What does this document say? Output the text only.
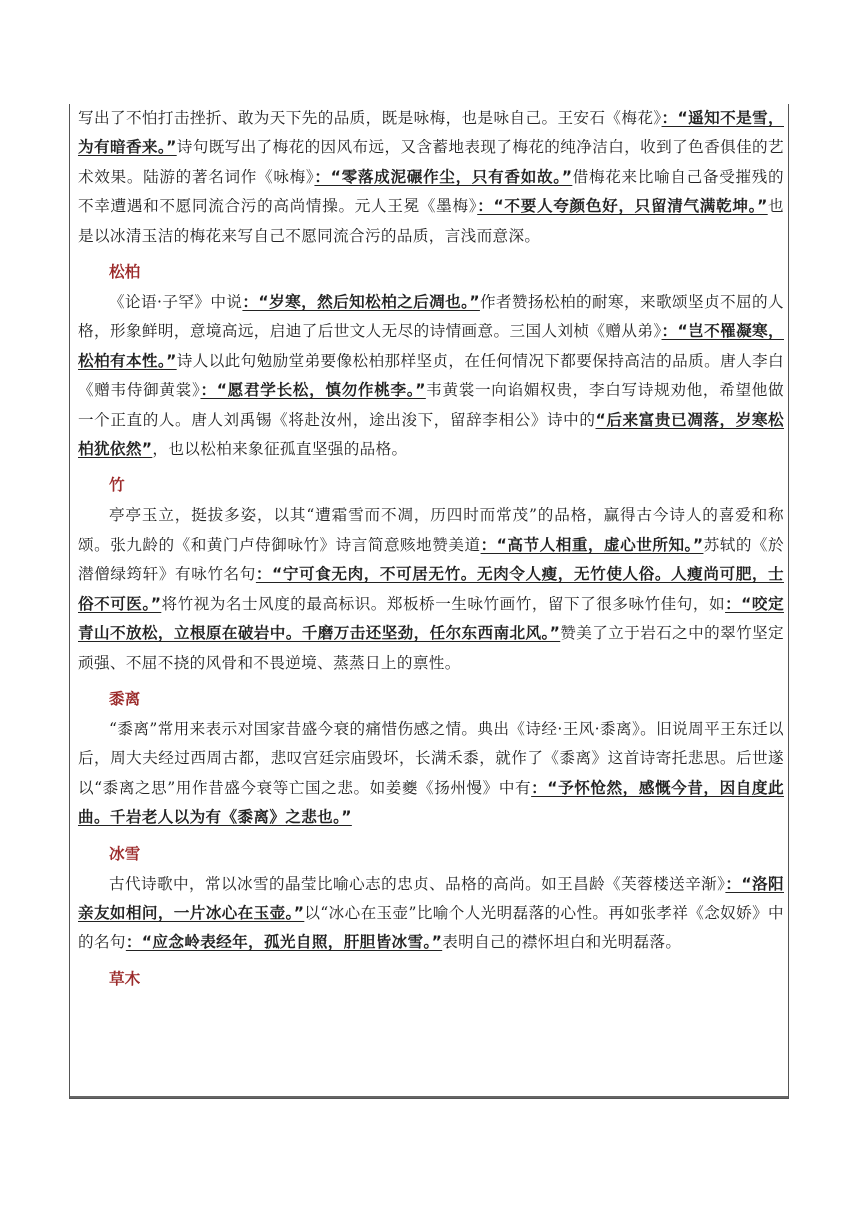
写出了不怕打击挫折、敢为天下先的品质，既是咏梅，也是咏自己。王安石《梅花》：“遥知不是雪，为有暗香来。”诗句既写出了梅花的因风布远，又含蓄地表现了梅花的纯净洁白，收到了色香俱佳的艺术效果。陆游的著名词作《咏梅》：“零落成泥碾作尘，只有香如故。”借梅花来比喻自己备受摧残的不幸遭遇和不愿同流合污的高尚情操。元人王冕《墨梅》：“不要人夸颜色好，只留清气满乾坤。”也是以冰清玉洁的梅花来写自己不愿同流合污的品质，言浅而意深。

松柏

《论语·子罕》中说：“岁寒，然后知松柏之后凋也。”作者赞扬松柏的耐寒，来歌颂坚贞不屈的人格，形象鲜明，意境高远，启迪了后世文人无尽的诗情画意。三国人刘桢《赠从弟》：“岂不罹凝寒，松柏有本性。”诗人以此句勉励堂弟要像松柏那样坚贞，在任何情况下都要保持高洁的品质。唐人李白《赠韦侍御黄裳》：“愿君学长松，慎勿作桃李。”韦黄裳一向谄媚权贵，李白写诗规劝他，希望他做一个正直的人。唐人刘禹锡《将赴汝州，途出浚下，留辞李相公》诗中的“后来富贵已凋落，岁寒松柏犹依然”，也以松柏来象征孤直坚强的品格。

竹

亭亭玉立，挺拔多姿，以其“遭霜雪而不凋，历四时而常茂”的品格，赢得古今诗人的喜爱和称颂。张九龄的《和黄门卢侍御咏竹》诗言简意赅地赞美道：“高节人相重，虚心世所知。”苏轼的《於潜僧绿筠轩》有咏竹名句：“宁可食无肉，不可居无竹。无肉令人瘦，无竹使人俗。人瘦尚可肥，士俗不可医。”将竹视为名士风度的最高标识。郑板桥一生咏竹画竹，留下了很多咏竹佳句，如：“咬定青山不放松，立根原在破岩中。千磨万击还坚劲，任尔东西南北风。”赞美了立于岩石之中的翠竹坚定顽强、不屈不挠的风骨和不畏逆境、蒸蒸日上的禀性。

黍离

“黍离”常用来表示对国家昔盛今衰的痛惜伤感之情。典出《诗经·王风·黍离》。旧说周平王东迁以后，周大夫经过西周古都，悲叹宫廷宗庙毁坏，长满禾黍，就作了《黍离》这首诗寄托悲思。后世遂以“黍离之思”用作昔盛今衰等亡国之悲。如姜夔《扬州慢》中有：“予怀怆然，感慨今昔，因自度此曲。千岩老人以为有《黍离》之悲也。”

冰雪

古代诗歌中，常以冰雪的晶莹比喻心志的忠贞、品格的高尚。如王昌龄《芙蓉楼送辛渐》：“洛阳亲友如相问，一片冰心在玉壶。”以“冰心在玉壶”比喻个人光明磊落的心性。再如张孝祥《念奴娇》中的名句：“应念岭表经年，孤光自照，肝胆皆冰雪。”表明自己的襟怀坦白和光明磊落。

草木
